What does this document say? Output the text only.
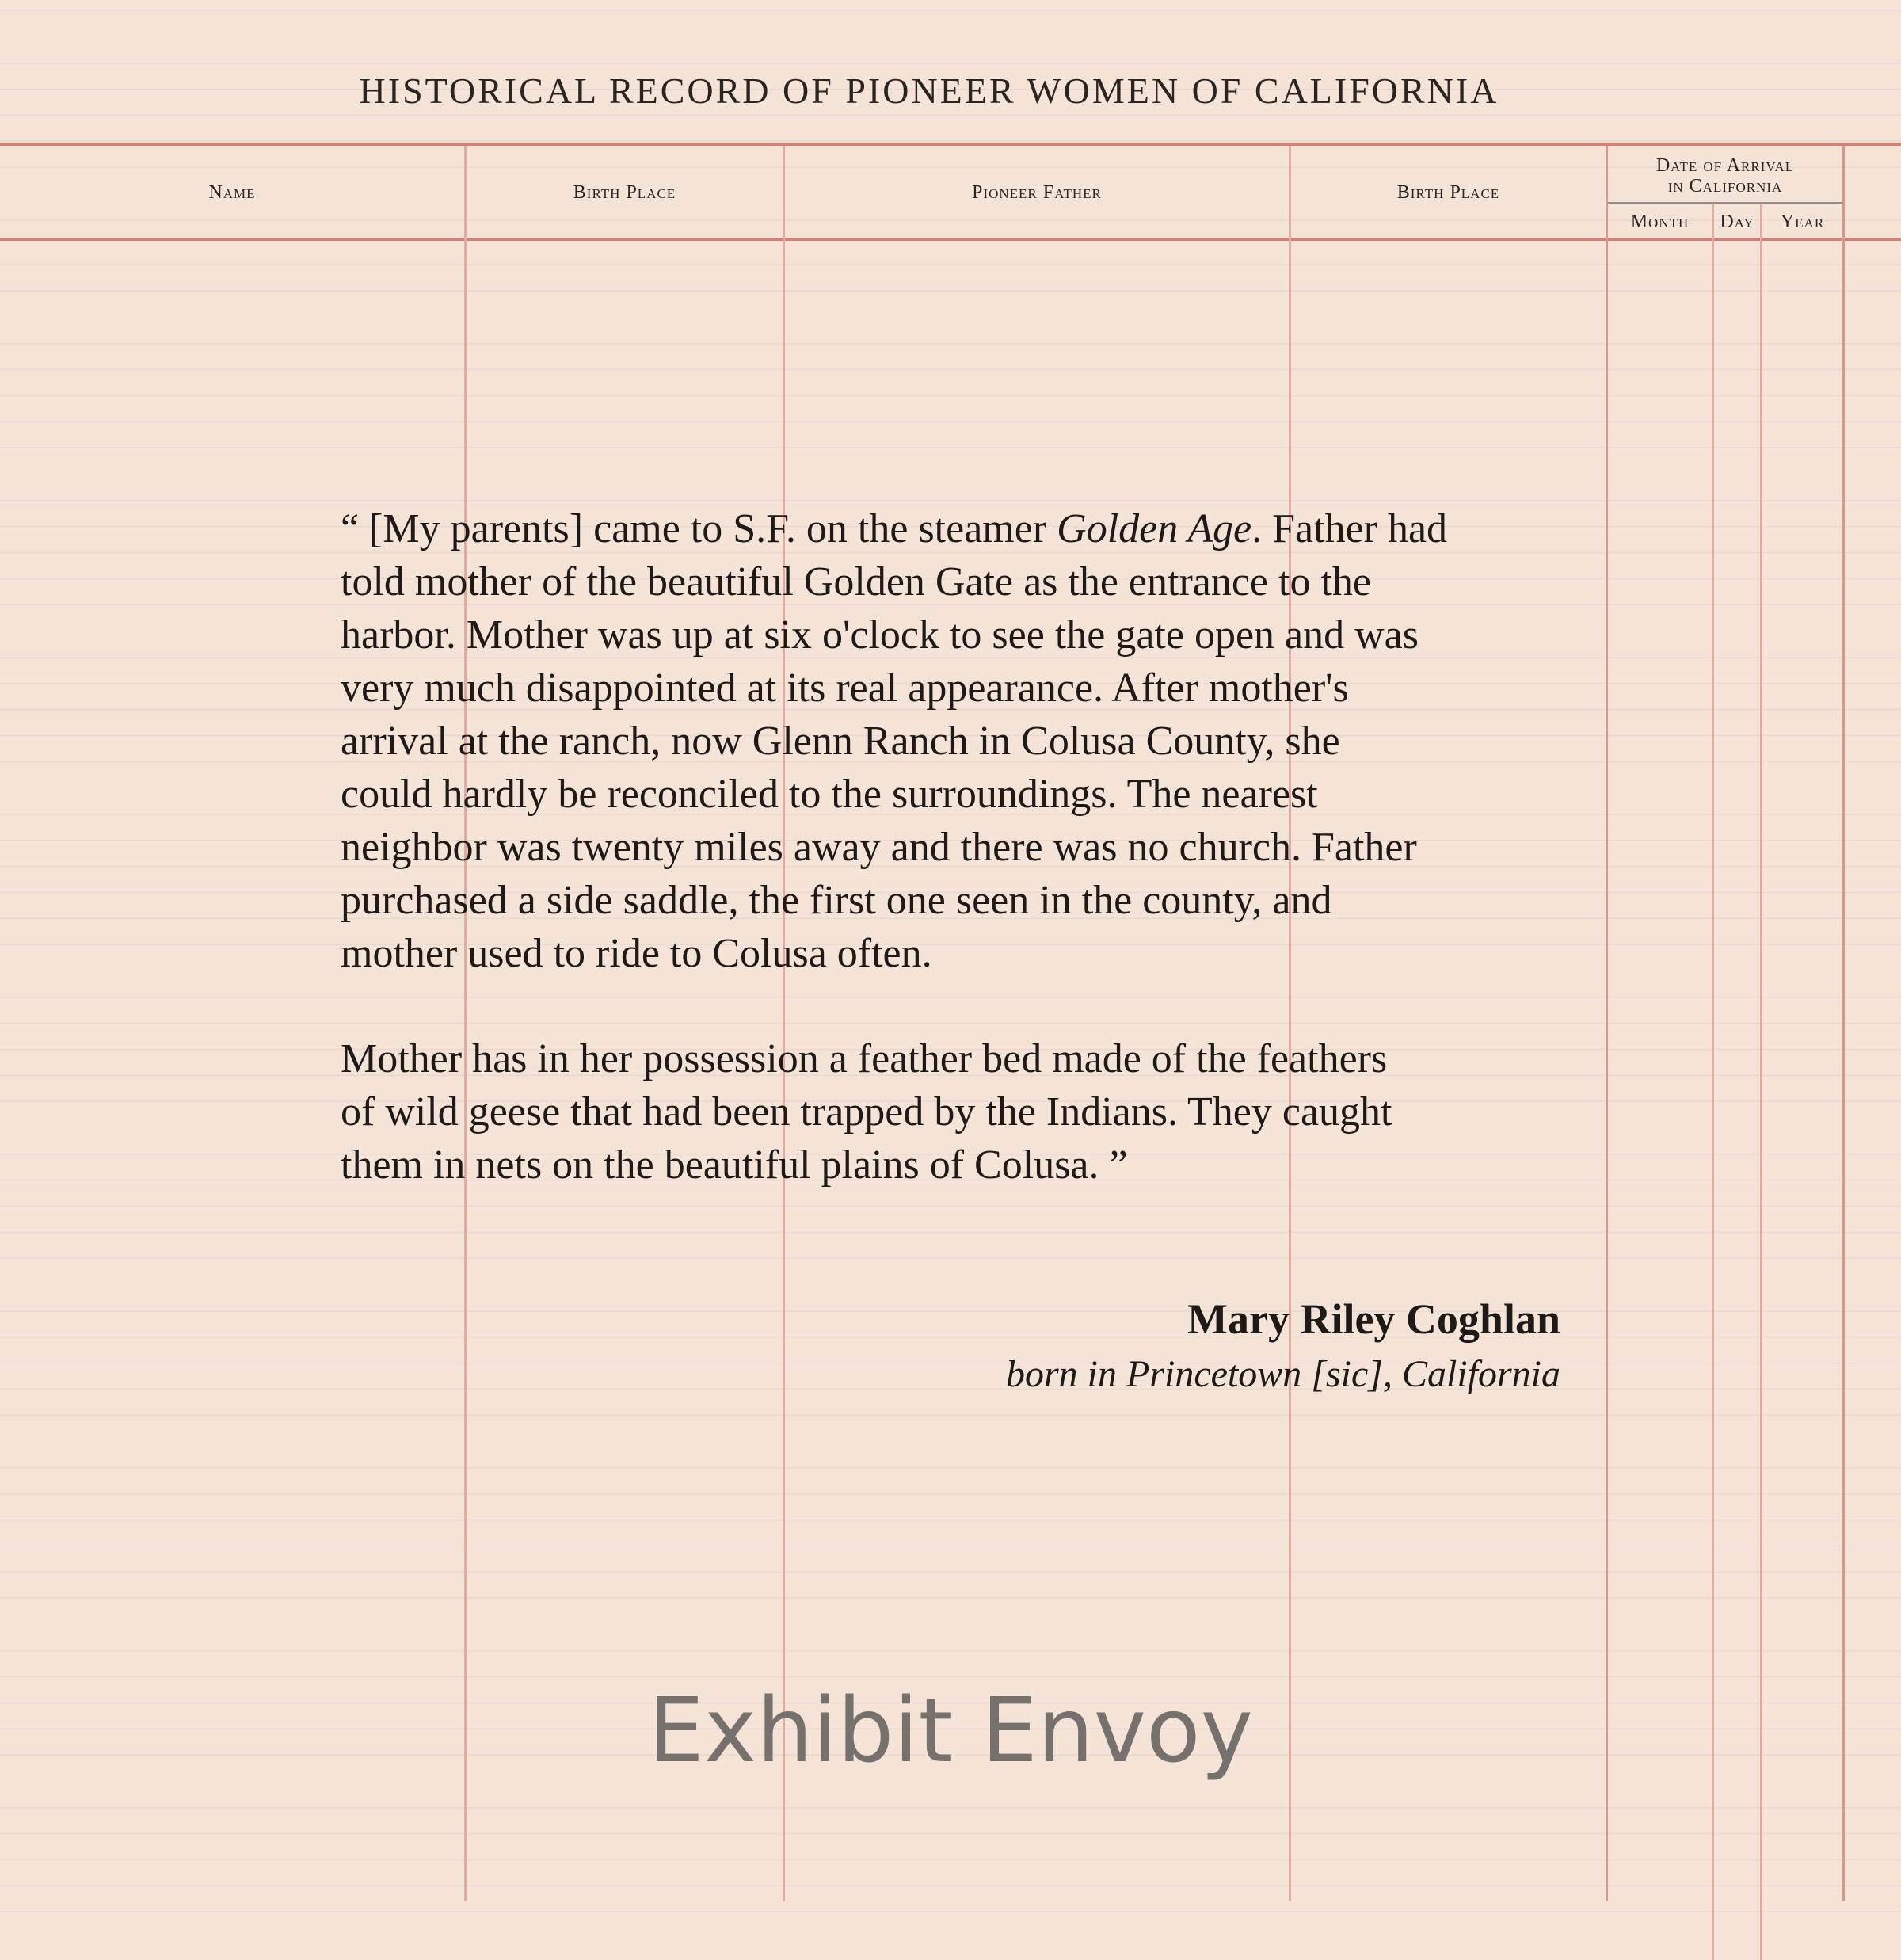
HISTORICAL RECORD OF PIONEER WOMEN OF CALIFORNIA
Name	Birth Place	Pioneer Father	Birth Place
Date of Arrival
in California
Month	Day	Year

“ [My parents] came to S.F. on the steamer Golden Age. Father had
told mother of the beautiful Golden Gate as the entrance to the
harbor. Mother was up at six o'clock to see the gate open and was
very much disappointed at its real appearance. After mother's
arrival at the ranch, now Glenn Ranch in Colusa County, she
could hardly be reconciled to the surroundings. The nearest
neighbor was twenty miles away and there was no church. Father
purchased a side saddle, the first one seen in the county, and
mother used to ride to Colusa often.

Mother has in her possession a feather bed made of the feathers
of wild geese that had been trapped by the Indians. They caught
them in nets on the beautiful plains of Colusa. ”

Mary Riley Coghlan
born in Princetown [sic], California
Exhibit Envoy
